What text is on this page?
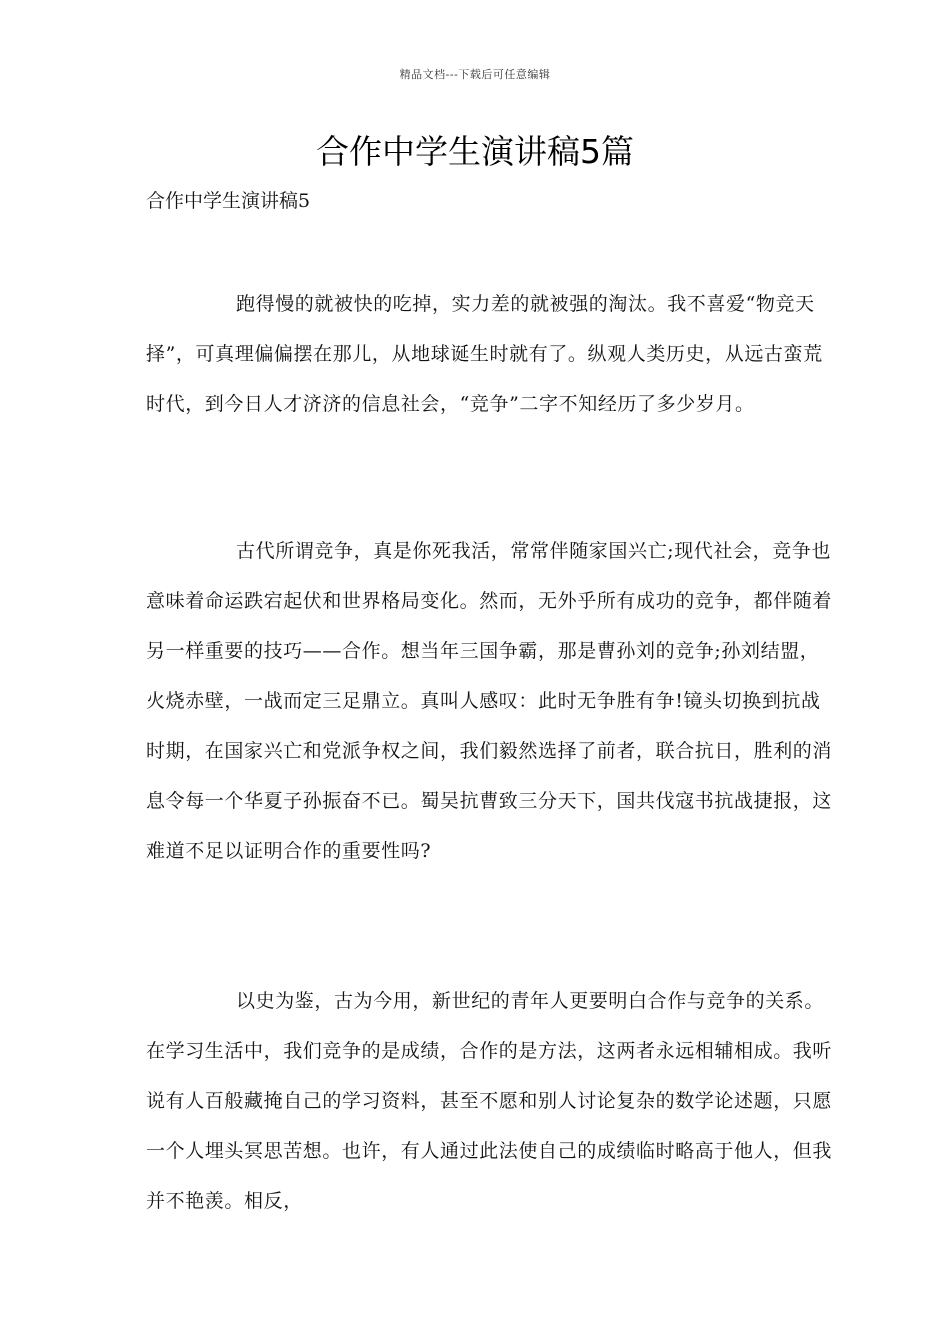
精品文档---下载后可任意编辑
合作中学生演讲稿5篇
合作中学生演讲稿5

跑得慢的就被快的吃掉，实力差的就被强的淘汰。我不喜爱“物竞天择”，可真理偏偏摆在那儿，从地球诞生时就有了。纵观人类历史，从远古蛮荒时代，到今日人才济济的信息社会，“竞争”二字不知经历了多少岁月。

古代所谓竞争，真是你死我活，常常伴随家国兴亡;现代社会，竞争也意味着命运跌宕起伏和世界格局变化。然而，无外乎所有成功的竞争，都伴随着另一样重要的技巧——合作。想当年三国争霸，那是曹孙刘的竞争;孙刘结盟，火烧赤壁，一战而定三足鼎立。真叫人感叹：此时无争胜有争!镜头切换到抗战时期，在国家兴亡和党派争权之间，我们毅然选择了前者，联合抗日，胜利的消息令每一个华夏子孙振奋不已。蜀吴抗曹致三分天下，国共伐寇书抗战捷报，这难道不足以证明合作的重要性吗?

以史为鉴，古为今用，新世纪的青年人更要明白合作与竞争的关系。在学习生活中，我们竞争的是成绩，合作的是方法，这两者永远相辅相成。我听说有人百般藏掩自己的学习资料，甚至不愿和别人讨论复杂的数学论述题，只愿一个人埋头冥思苦想。也许，有人通过此法使自己的成绩临时略高于他人，但我并不艳羡。相反，
